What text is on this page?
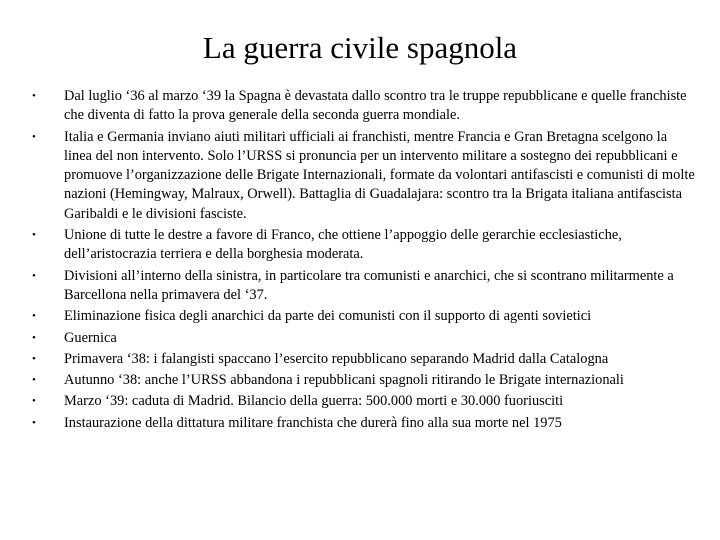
La guerra civile spagnola
• Dal luglio ‘36 al marzo ‘39 la Spagna è devastata dallo scontro tra le truppe repubblicane e quelle franchiste che diventa di fatto la prova generale della seconda guerra mondiale.
• Italia e Germania inviano aiuti militari ufficiali ai franchisti, mentre Francia e Gran Bretagna scelgono la linea del non intervento. Solo l’URSS si pronuncia per un intervento militare a sostegno dei repubblicani e promuove l’organizzazione delle Brigate Internazionali, formate da volontari antifascisti e comunisti di molte nazioni (Hemingway, Malraux, Orwell). Battaglia di Guadalajara: scontro tra la Brigata italiana antifascista Garibaldi e le divisioni fasciste.
• Unione di tutte le destre a favore di Franco, che ottiene l’appoggio delle gerarchie ecclesiastiche, dell’aristocrazia terriera e della borghesia moderata.
• Divisioni all’interno della sinistra, in particolare tra comunisti e anarchici, che si scontrano militarmente a Barcellona nella primavera del ‘37.
• Eliminazione fisica degli anarchici da parte dei comunisti con il supporto di agenti sovietici
• Guernica
• Primavera ‘38: i falangisti spaccano l’esercito repubblicano separando Madrid dalla Catalogna
• Autunno ‘38: anche l’URSS abbandona i repubblicani spagnoli ritirando le Brigate internazionali
• Marzo ‘39: caduta di Madrid. Bilancio della guerra: 500.000 morti e 30.000 fuoriusciti
• Instaurazione della dittatura militare franchista che durerà fino alla sua morte nel 1975
